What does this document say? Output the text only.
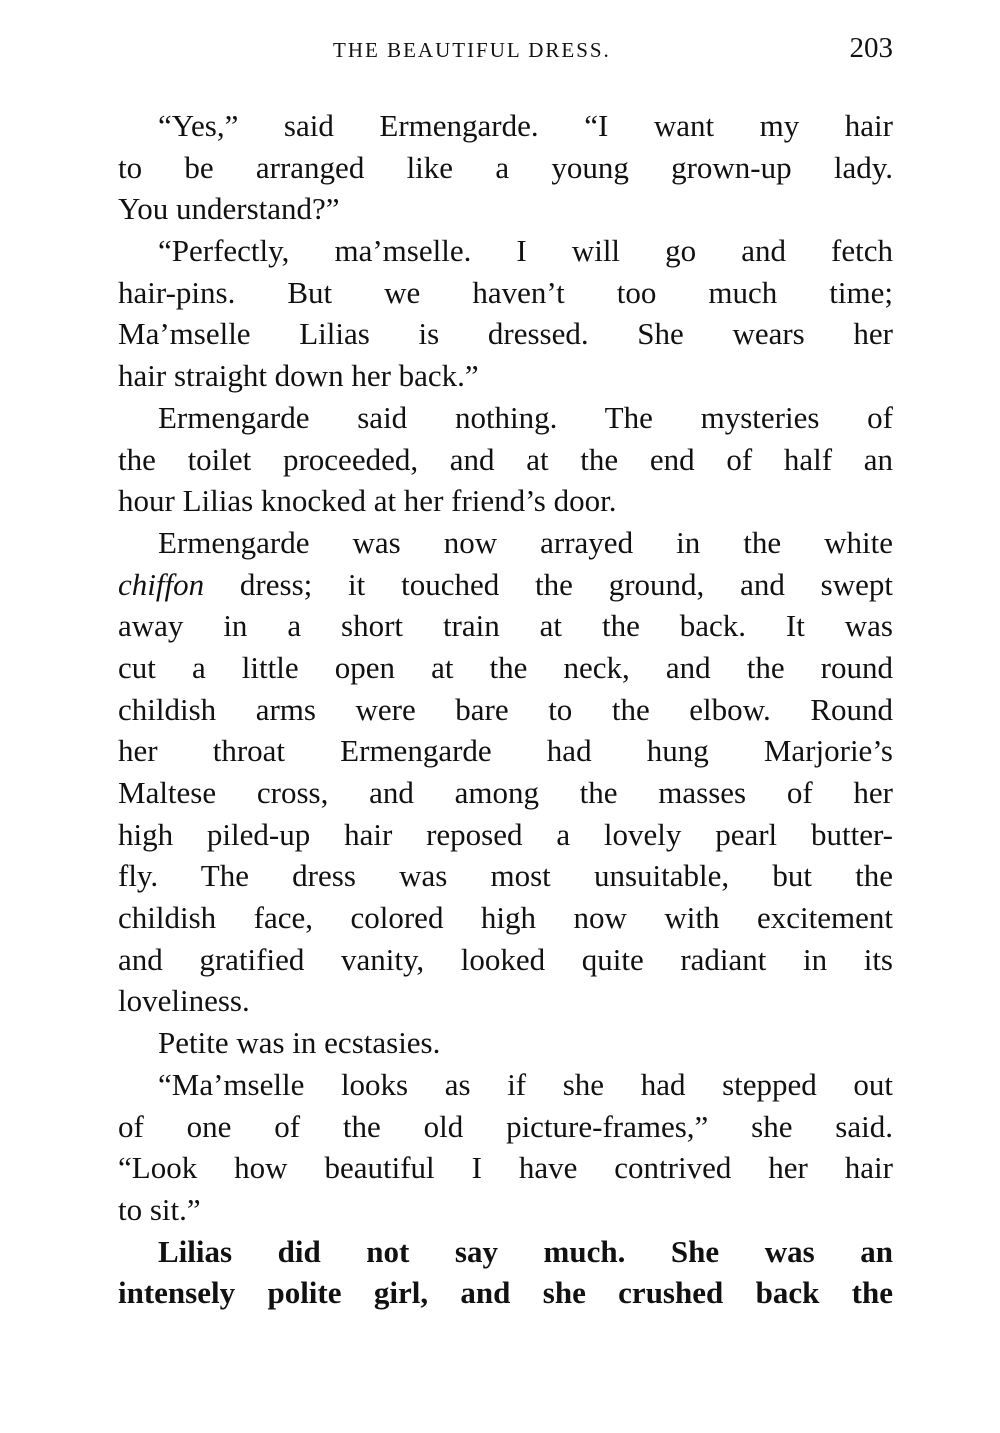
THE BEAUTIFUL DRESS.	203
“Yes,” said Ermengarde. “I want my hair
to be arranged like a young grown-up lady.
You understand?”
“Perfectly, ma’mselle. I will go and fetch
hair-pins. But we haven’t too much time;
Ma’mselle Lilias is dressed. She wears her
hair straight down her back.”
Ermengarde said nothing. The mysteries of
the toilet proceeded, and at the end of half an
hour Lilias knocked at her friend’s door.
Ermengarde was now arrayed in the white
chiffon dress; it touched the ground, and swept
away in a short train at the back. It was
cut a little open at the neck, and the round
childish arms were bare to the elbow. Round
her throat Ermengarde had hung Marjorie’s
Maltese cross, and among the masses of her
high piled-up hair reposed a lovely pearl butter-
fly. The dress was most unsuitable, but the
childish face, colored high now with excitement
and gratified vanity, looked quite radiant in its
loveliness.
Petite was in ecstasies.
“Ma’mselle looks as if she had stepped out
of one of the old picture-frames,” she said.
“Look how beautiful I have contrived her hair
to sit.”
Lilias did not say much. She was an
intensely polite girl, and she crushed back the
